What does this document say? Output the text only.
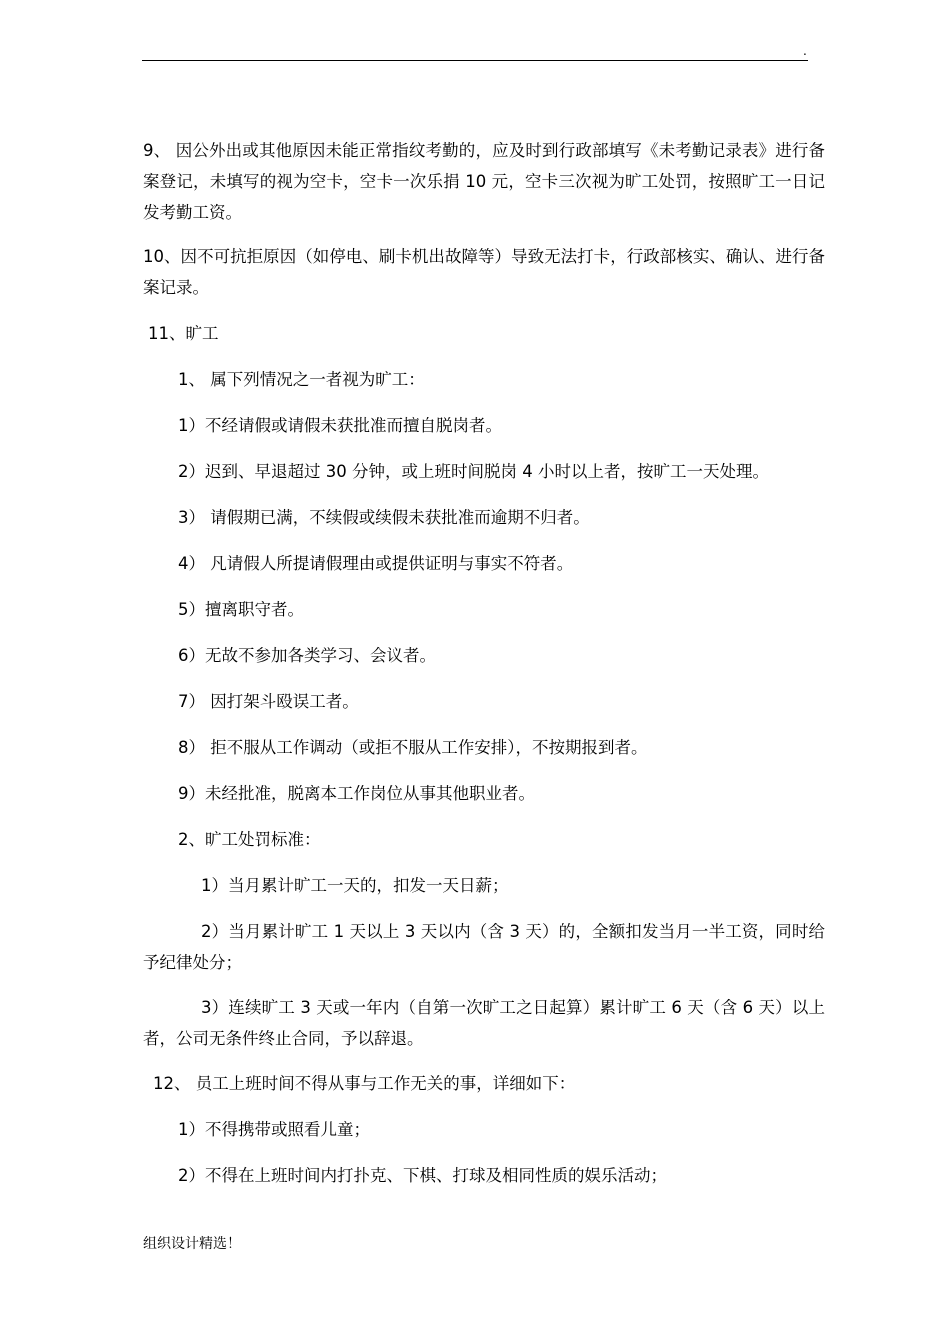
.
9、 因公外出或其他原因未能正常指纹考勤的，应及时到行政部填写《未考勤记录表》进行备案登记，未填写的视为空卡，空卡一次乐捐 10 元，空卡三次视为旷工处罚，按照旷工一日记发考勤工资。
10、因不可抗拒原因（如停电、刷卡机出故障等）导致无法打卡，行政部核实、确认、进行备案记录。
11、旷工
1、 属下列情况之一者视为旷工：
1）不经请假或请假未获批准而擅自脱岗者。
2）迟到、早退超过 30 分钟，或上班时间脱岗 4 小时以上者，按旷工一天处理。
3） 请假期已满，不续假或续假未获批准而逾期不归者。
4） 凡请假人所提请假理由或提供证明与事实不符者。
5）擅离职守者。
6）无故不参加各类学习、会议者。
7） 因打架斗殴误工者。
8） 拒不服从工作调动（或拒不服从工作安排），不按期报到者。
9）未经批准，脱离本工作岗位从事其他职业者。
2、旷工处罚标准：
1）当月累计旷工一天的，扣发一天日薪；
2）当月累计旷工 1 天以上 3 天以内（含 3 天）的，全额扣发当月一半工资，同时给予纪律处分；
3）连续旷工 3 天或一年内（自第一次旷工之日起算）累计旷工 6 天（含 6 天）以上者，公司无条件终止合同，予以辞退。
12、 员工上班时间不得从事与工作无关的事，详细如下：
1）不得携带或照看儿童；
2）不得在上班时间内打扑克、下棋、打球及相同性质的娱乐活动；
组织设计精选！
